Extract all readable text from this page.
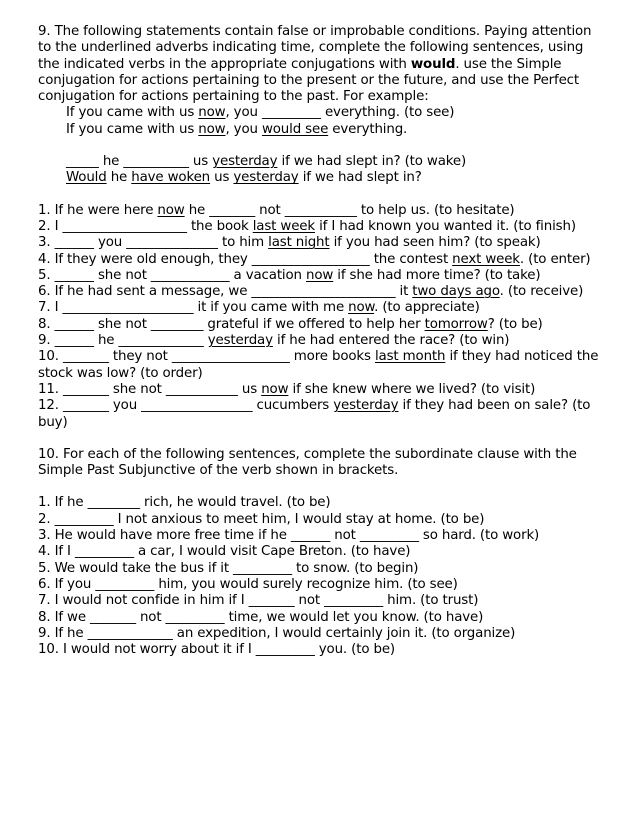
9. The following statements contain false or improbable conditions. Paying attention to the underlined adverbs indicating time, complete the following sentences, using the indicated verbs in the appropriate conjugations with would. use the Simple conjugation for actions pertaining to the present or the future, and use the Perfect conjugation for actions pertaining to the past. For example:

If you came with us now, you _________ everything. (to see)

If you came with us now, you would see everything.

_____ he __________ us yesterday if we had slept in? (to wake)

Would he have woken us yesterday if we had slept in?

1. If he were here now he _______ not ___________ to help us. (to hesitate)

2. I ___________________ the book last week if I had known you wanted it. (to finish)

3. ______ you ______________ to him last night if you had seen him? (to speak)

4. If they were old enough, they __________________ the contest next week. (to enter)

5. ______ she not ____________ a vacation now if she had more time? (to take)

6. If he had sent a message, we ______________________ it two days ago. (to receive)

7. I ____________________ it if you came with me now. (to appreciate)

8. ______ she not ________ grateful if we offered to help her tomorrow? (to be)

9. ______ he _____________ yesterday if he had entered the race? (to win)

10. _______ they not __________________ more books last month if they had noticed the stock was low? (to order)

11. _______ she not ___________ us now if she knew where we lived? (to visit)

12. _______ you _________________ cucumbers yesterday if they had been on sale? (to buy)

10. For each of the following sentences, complete the subordinate clause with the Simple Past Subjunctive of the verb shown in brackets.

1. If he ________ rich, he would travel. (to be)

2. _________ I not anxious to meet him, I would stay at home. (to be)

3. He would have more free time if he ______ not _________ so hard. (to work)

4. If I _________ a car, I would visit Cape Breton. (to have)

5. We would take the bus if it _________ to snow. (to begin)

6. If you _________ him, you would surely recognize him. (to see)

7. I would not confide in him if I _______ not _________ him. (to trust)

8. If we _______ not _________ time, we would let you know. (to have)

9. If he _____________ an expedition, I would certainly join it. (to organize)

10. I would not worry about it if I _________ you. (to be)
